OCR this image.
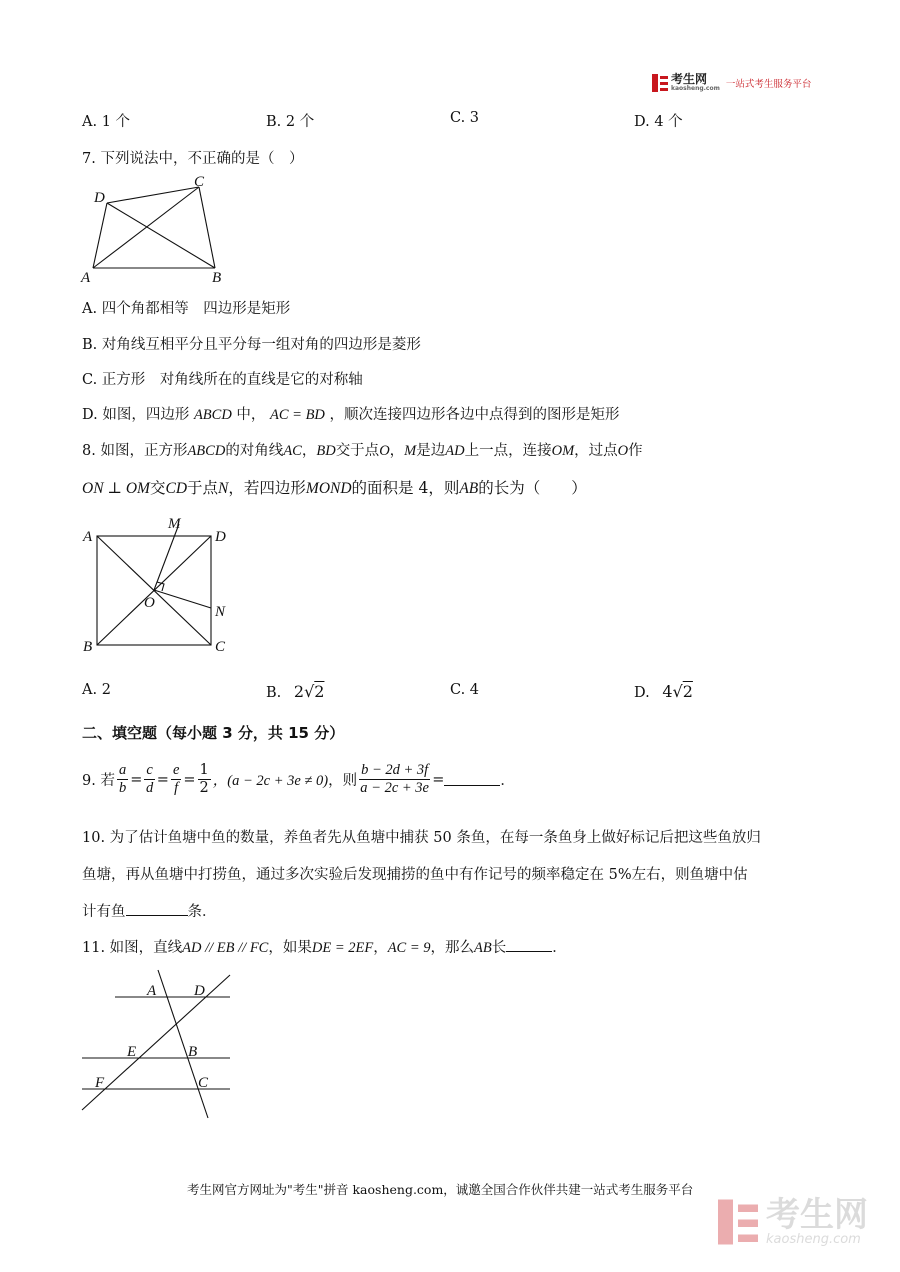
考生网
kaosheng.com 一站式考生服务平台
A. 1 个	B. 2 个	C. 3	D. 4 个
7. 下列说法中，不正确的是（　）
D
C
A	B
A. 四个角都相等　四边形是矩形
B. 对角线互相平分且平分每一组对角的四边形是菱形
C. 正方形　对角线所在的直线是它的对称轴
D. 如图，四边形 ABCD 中， AC = BD ，顺次连接四边形各边中点得到的图形是矩形
8. 如图，正方形ABCD的对角线AC，BD交于点O，M是边AD上一点，连接OM，过点O作
ON ⊥ OM交CD于点N，若四边形MOND的面积是 4，则AB的长为（　　）
A
M
D
O
N
B	C
A. 2	B. 2√2	C. 4	D. 4√2
二、填空题（每小题 3 分，共 15 分）
9. 若 $\frac{a}{b} = \frac{c}{d} = \frac{e}{f} = \frac{1}{2}$ ，(a − 2c + 3e ≠ 0) ，则 $\frac{b - 2d + 3f}{a - 2c + 3e}$ =	．
10. 为了估计鱼塘中鱼的数量，养鱼者先从鱼塘中捕获 50 条鱼，在每一条鱼身上做好标记后把这些鱼放归
鱼塘，再从鱼塘中打捞鱼，通过多次实验后发现捕捞的鱼中有作记号的频率稳定在 5%左右，则鱼塘中估
计有鱼	条．
11. 如图，直线AD // EB // FC，如果DE = 2EF，AC = 9，那么AB长	．
A	D
E	B
F	C
考生网官方网址为"考生"拼音 kaosheng.com，诚邀全国合作伙伴共建一站式考生服务平台
考生网
kaosheng.com
